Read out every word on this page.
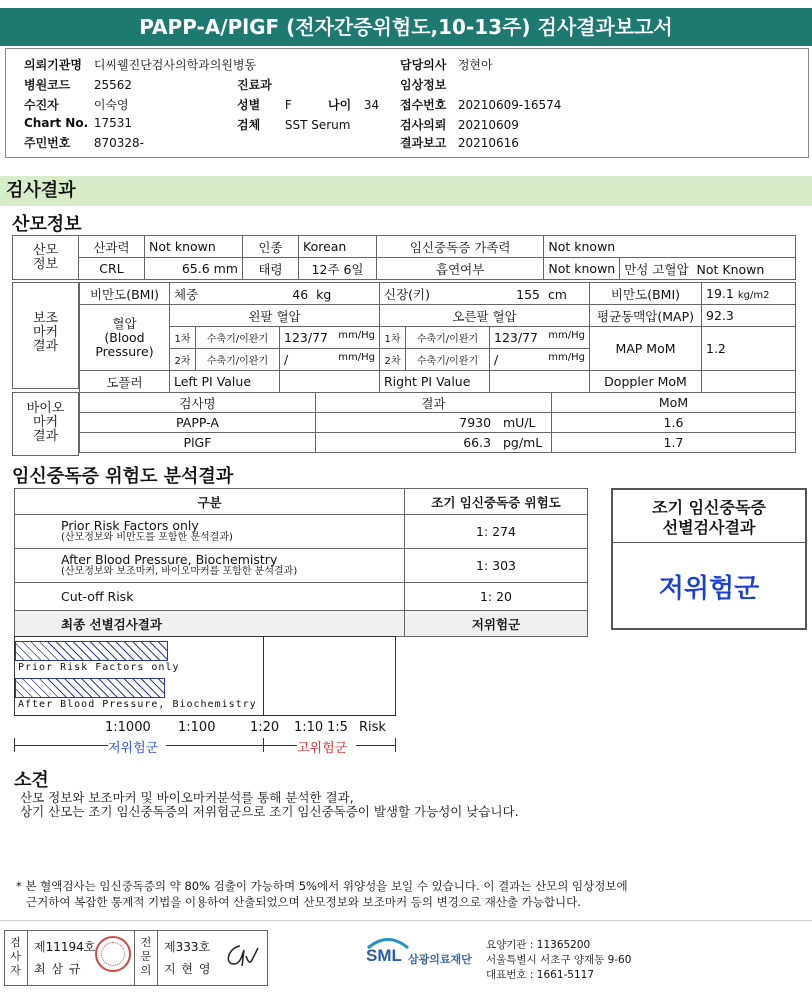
PAPP-A/PlGF (전자간증위험도,10-13주) 검사결과보고서
의뢰기관명 디씨웰진단검사의학과의원병동
병원코드 25562
수진자	이숙영
Chart No. 17531
주민번호 870328-
진료과
성별 F	나이 34
검체 SST Serum
담당의사 정현아
임상정보
접수번호 20210609-16574
검사의뢰 20210609
결과보고 20210616
검사결과
산모정보
산모
정보	산과력	Not known	인종	Korean	임신중독증 가족력	Not known	
	CRL	65.6 mm	태령	12주 6일	흡연여부	Not known	만성 고혈압 Not Known
보조
마커
결과
비만도(BMI)	체중 46 kg			신장(키) 155 cm			비만도(BMI)	19.1 kg/m2
혈압
(Blood
Pressure)	왼팔 혈압			오른팔 혈압			평균동맥압(MAP)	92.3
	1차	수축기/이완기	123/77 mm/Hg	1차	수축기/이완기	123/77 mm/Hg	MAP MoM	1.2
	2차	수축기/이완기	/ mm/Hg	2차	수축기/이완기	/ mm/Hg		

도플러	Left PI Value			Right PI Value			Doppler MoM	
바이오
마커
결과
검사명	결과	MoM
PAPP-A	7930 mU/L	1.6
PlGF	66.3 pg/mL	1.7
임신중독증 위험도 분석결과
구분	조기 임신중독증 위험도

Prior Risk Factors only
(산모정보와 비만도를 포함한 분석결과)	1: 274

After Blood Pressure, Biochemistry
(산모정보와 보조마커, 바이오마커를 포함한 분석결과)	1: 303
Cut-off Risk	1: 20
최종 선별검사결과	저위험군
조기 임신중독증
선별검사결과
저위험군
Prior Risk Factors only
After Blood Pressure, Biochemistry
1:1000 1:100	1:20 1:10 1:5 Risk
저위험군	고위험군
소견
산모 정보와 보조마커 및 바이오마커분석를 통해 분석한 결과,
상기 산모는 조기 임신중독증의 저위험군으로 조기 임신중독증이 발생할 가능성이 낮습니다.
* 본 혈액검사는 임신중독증의 약 80% 검출이 가능하며 5%에서 위양성을 보일 수 있습니다. 이 결과는 산모의 임상정보에
근거하여 복잡한 통계적 기법을 이용하여 산출되었으며 산모정보와 보조마커 등의 변경으로 재산출 가능합니다.
검
사
자
제11194호
최 삼 규
전
문
의
제333호
지 현 영
SML 삼광의료재단
요양기관 : 11365200
서울특별시 서초구 양재동 9-60
대표번호 : 1661-5117
